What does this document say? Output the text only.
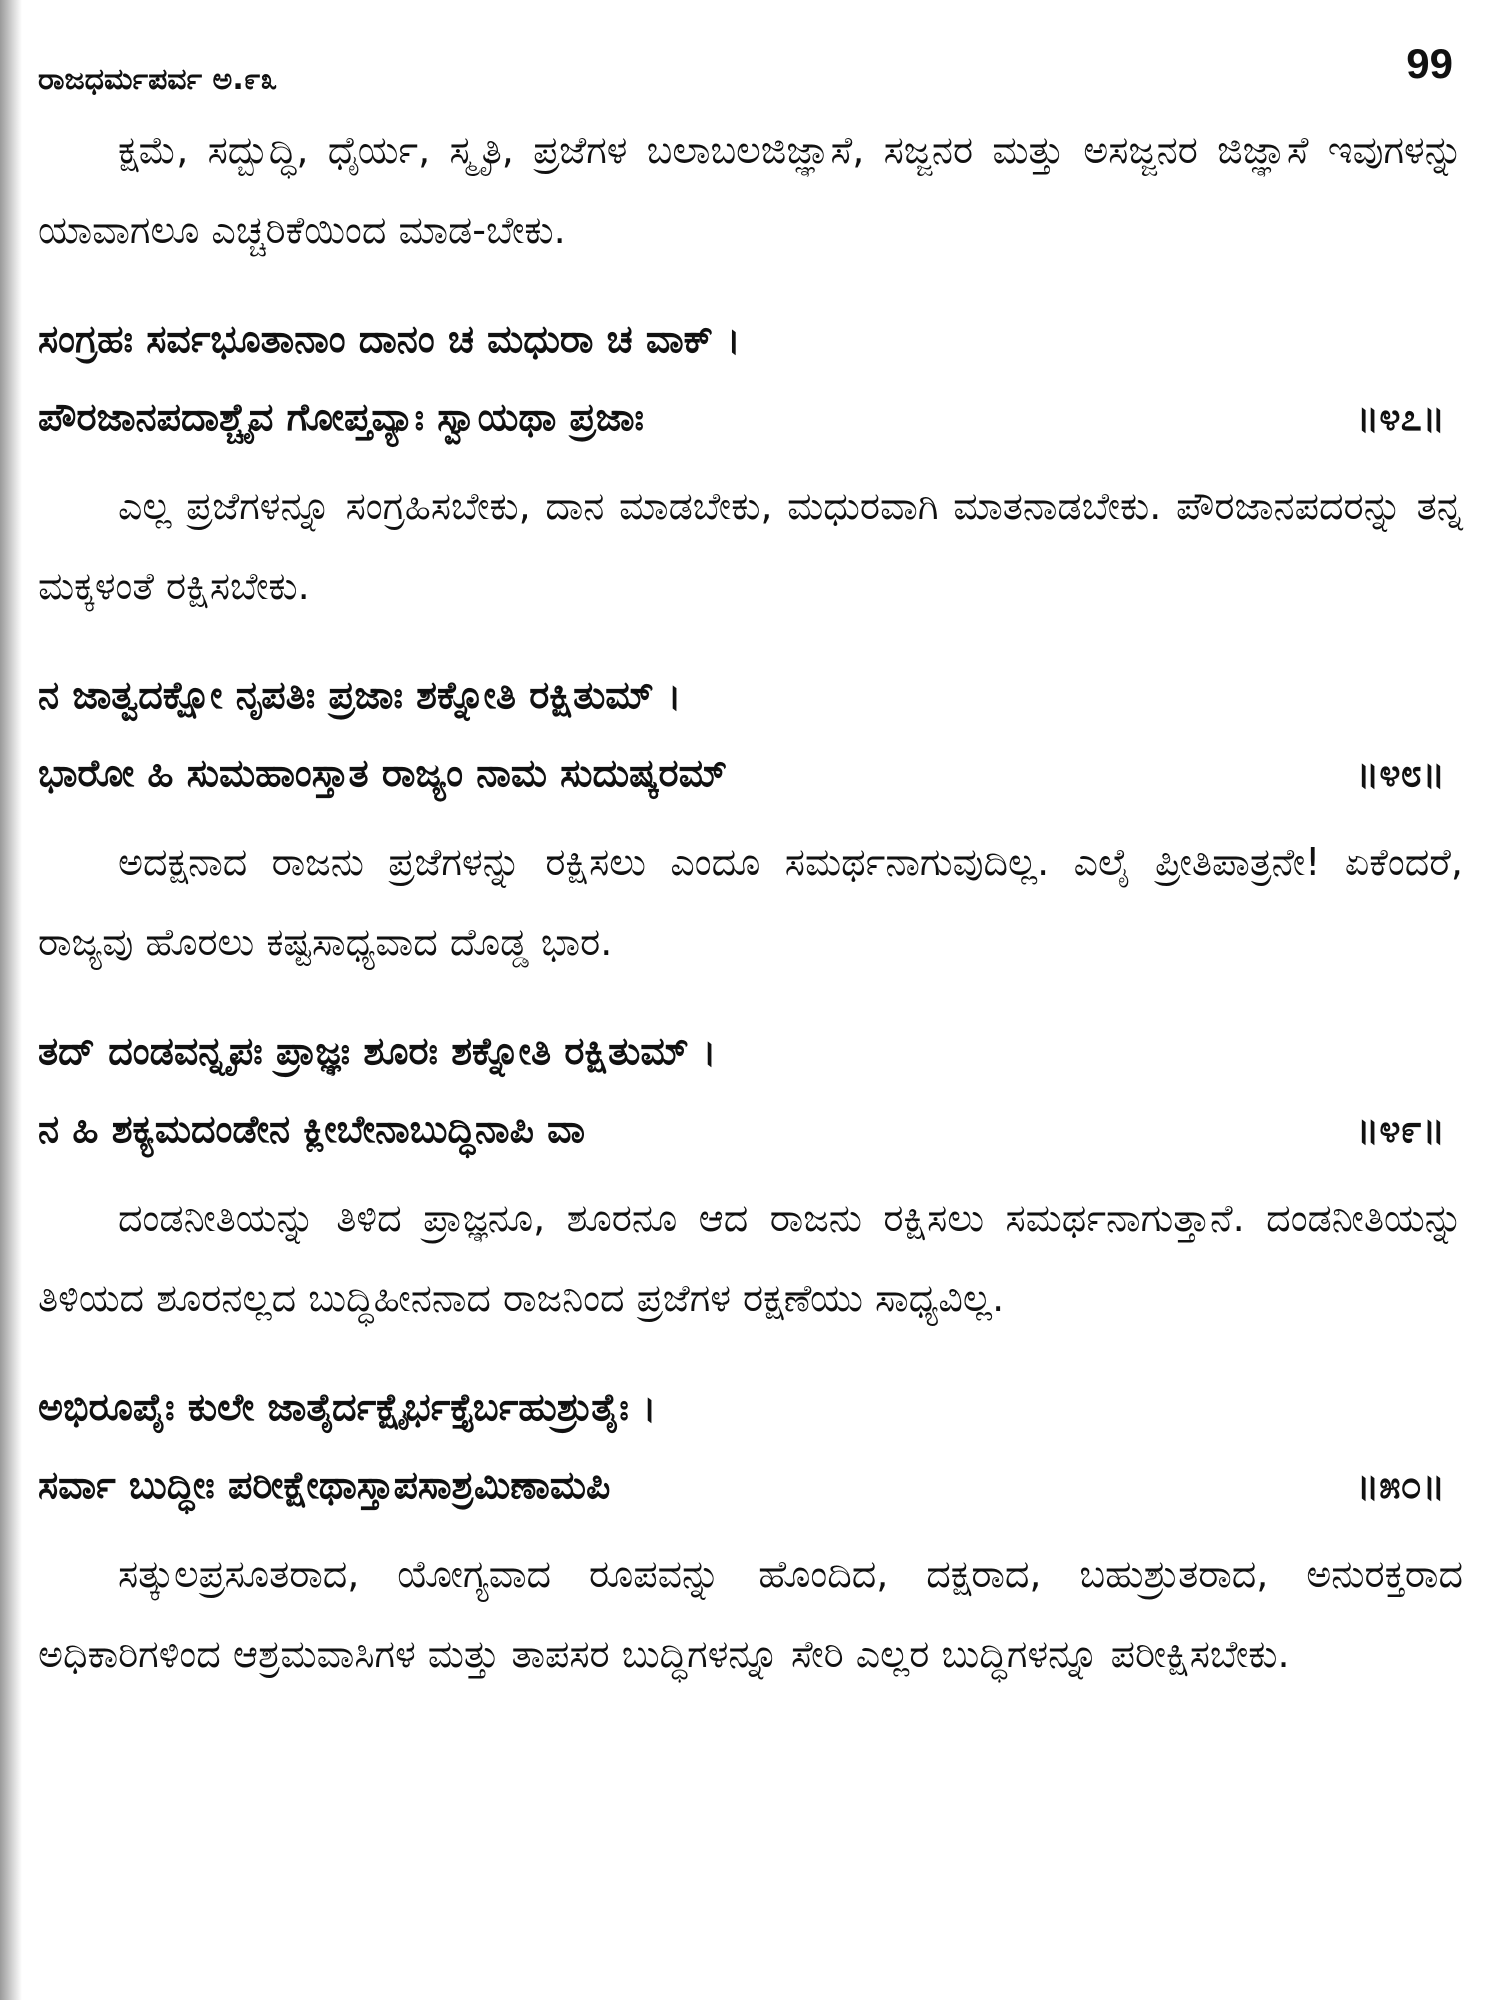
ರಾಜಧರ್ಮಪರ್ವ ಅ.೯೩	99

ಕ್ಷಮೆ, ಸದ್ಬುದ್ಧಿ, ಧೈರ್ಯ, ಸ್ಮೃತಿ, ಪ್ರಜೆಗಳ ಬಲಾಬಲಜಿಜ್ಞಾಸೆ, ಸಜ್ಜನರ ಮತ್ತು ಅಸಜ್ಜನರ ಜಿಜ್ಞಾಸೆ ಇವುಗಳನ್ನು ಯಾವಾಗಲೂ ಎಚ್ಚರಿಕೆಯಿಂದ ಮಾಡ-ಬೇಕು.

ಸಂಗ್ರಹಃ ಸರ್ವಭೂತಾನಾಂ ದಾನಂ ಚ ಮಧುರಾ ಚ ವಾಕ್ ।
ಪೌರಜಾನಪದಾಶ್ಚೈವ ಗೋಪ್ತವ್ಯಾಃ ಸ್ವಾಯಥಾ ಪ್ರಜಾಃ	॥೪೭॥

ಎಲ್ಲ ಪ್ರಜೆಗಳನ್ನೂ ಸಂಗ್ರಹಿಸಬೇಕು, ದಾನ ಮಾಡಬೇಕು, ಮಧುರವಾಗಿ ಮಾತನಾಡಬೇಕು. ಪೌರಜಾನಪದರನ್ನು ತನ್ನ ಮಕ್ಕಳಂತೆ ರಕ್ಷಿಸಬೇಕು.

ನ ಜಾತ್ವದಕ್ಷೋ ನೃಪತಿಃ ಪ್ರಜಾಃ ಶಕ್ನೋತಿ ರಕ್ಷಿತುಮ್ ।
ಭಾರೋ ಹಿ ಸುಮಹಾಂಸ್ತಾತ ರಾಜ್ಯಂ ನಾಮ ಸುದುಷ್ಕರಮ್	॥೪೮॥

ಅದಕ್ಷನಾದ ರಾಜನು ಪ್ರಜೆಗಳನ್ನು ರಕ್ಷಿಸಲು ಎಂದೂ ಸಮರ್ಥನಾಗುವುದಿಲ್ಲ. ಎಲೈ ಪ್ರೀತಿಪಾತ್ರನೇ! ಏಕೆಂದರೆ, ರಾಜ್ಯವು ಹೊರಲು ಕಷ್ಟಸಾಧ್ಯವಾದ ದೊಡ್ಡ ಭಾರ.

ತದ್ ದಂಡವನ್ನೃಪಃ ಪ್ರಾಜ್ಞಃ ಶೂರಃ ಶಕ್ನೋತಿ ರಕ್ಷಿತುಮ್ ।
ನ ಹಿ ಶಕ್ಯಮದಂಡೇನ ಕ್ಲೀಬೇನಾಬುದ್ಧಿನಾಪಿ ವಾ	॥೪೯॥

ದಂಡನೀತಿಯನ್ನು ತಿಳಿದ ಪ್ರಾಜ್ಞನೂ, ಶೂರನೂ ಆದ ರಾಜನು ರಕ್ಷಿಸಲು ಸಮರ್ಥನಾಗುತ್ತಾನೆ. ದಂಡನೀತಿಯನ್ನು ತಿಳಿಯದ ಶೂರನಲ್ಲದ ಬುದ್ಧಿಹೀನನಾದ ರಾಜನಿಂದ ಪ್ರಜೆಗಳ ರಕ್ಷಣೆಯು ಸಾಧ್ಯವಿಲ್ಲ.

ಅಭಿರೂಪೈಃ ಕುಲೇ ಜಾತೈರ್ದಕ್ಷೈರ್ಭಕ್ತೈರ್ಬಹುಶ್ರುತೈಃ ।
ಸರ್ವಾ ಬುದ್ಧೀಃ ಪರೀಕ್ಷೇಥಾಸ್ತಾಪಸಾಶ್ರಮಿಣಾಮಪಿ	॥೫೦॥

ಸತ್ಕುಲಪ್ರಸೂತರಾದ, ಯೋಗ್ಯವಾದ ರೂಪವನ್ನು ಹೊಂದಿದ, ದಕ್ಷರಾದ, ಬಹುಶ್ರುತರಾದ, ಅನುರಕ್ತರಾದ ಅಧಿಕಾರಿಗಳಿಂದ ಆಶ್ರಮವಾಸಿಗಳ ಮತ್ತು ತಾಪಸರ ಬುದ್ಧಿಗಳನ್ನೂ ಸೇರಿ ಎಲ್ಲರ ಬುದ್ಧಿಗಳನ್ನೂ ಪರೀಕ್ಷಿಸಬೇಕು.
